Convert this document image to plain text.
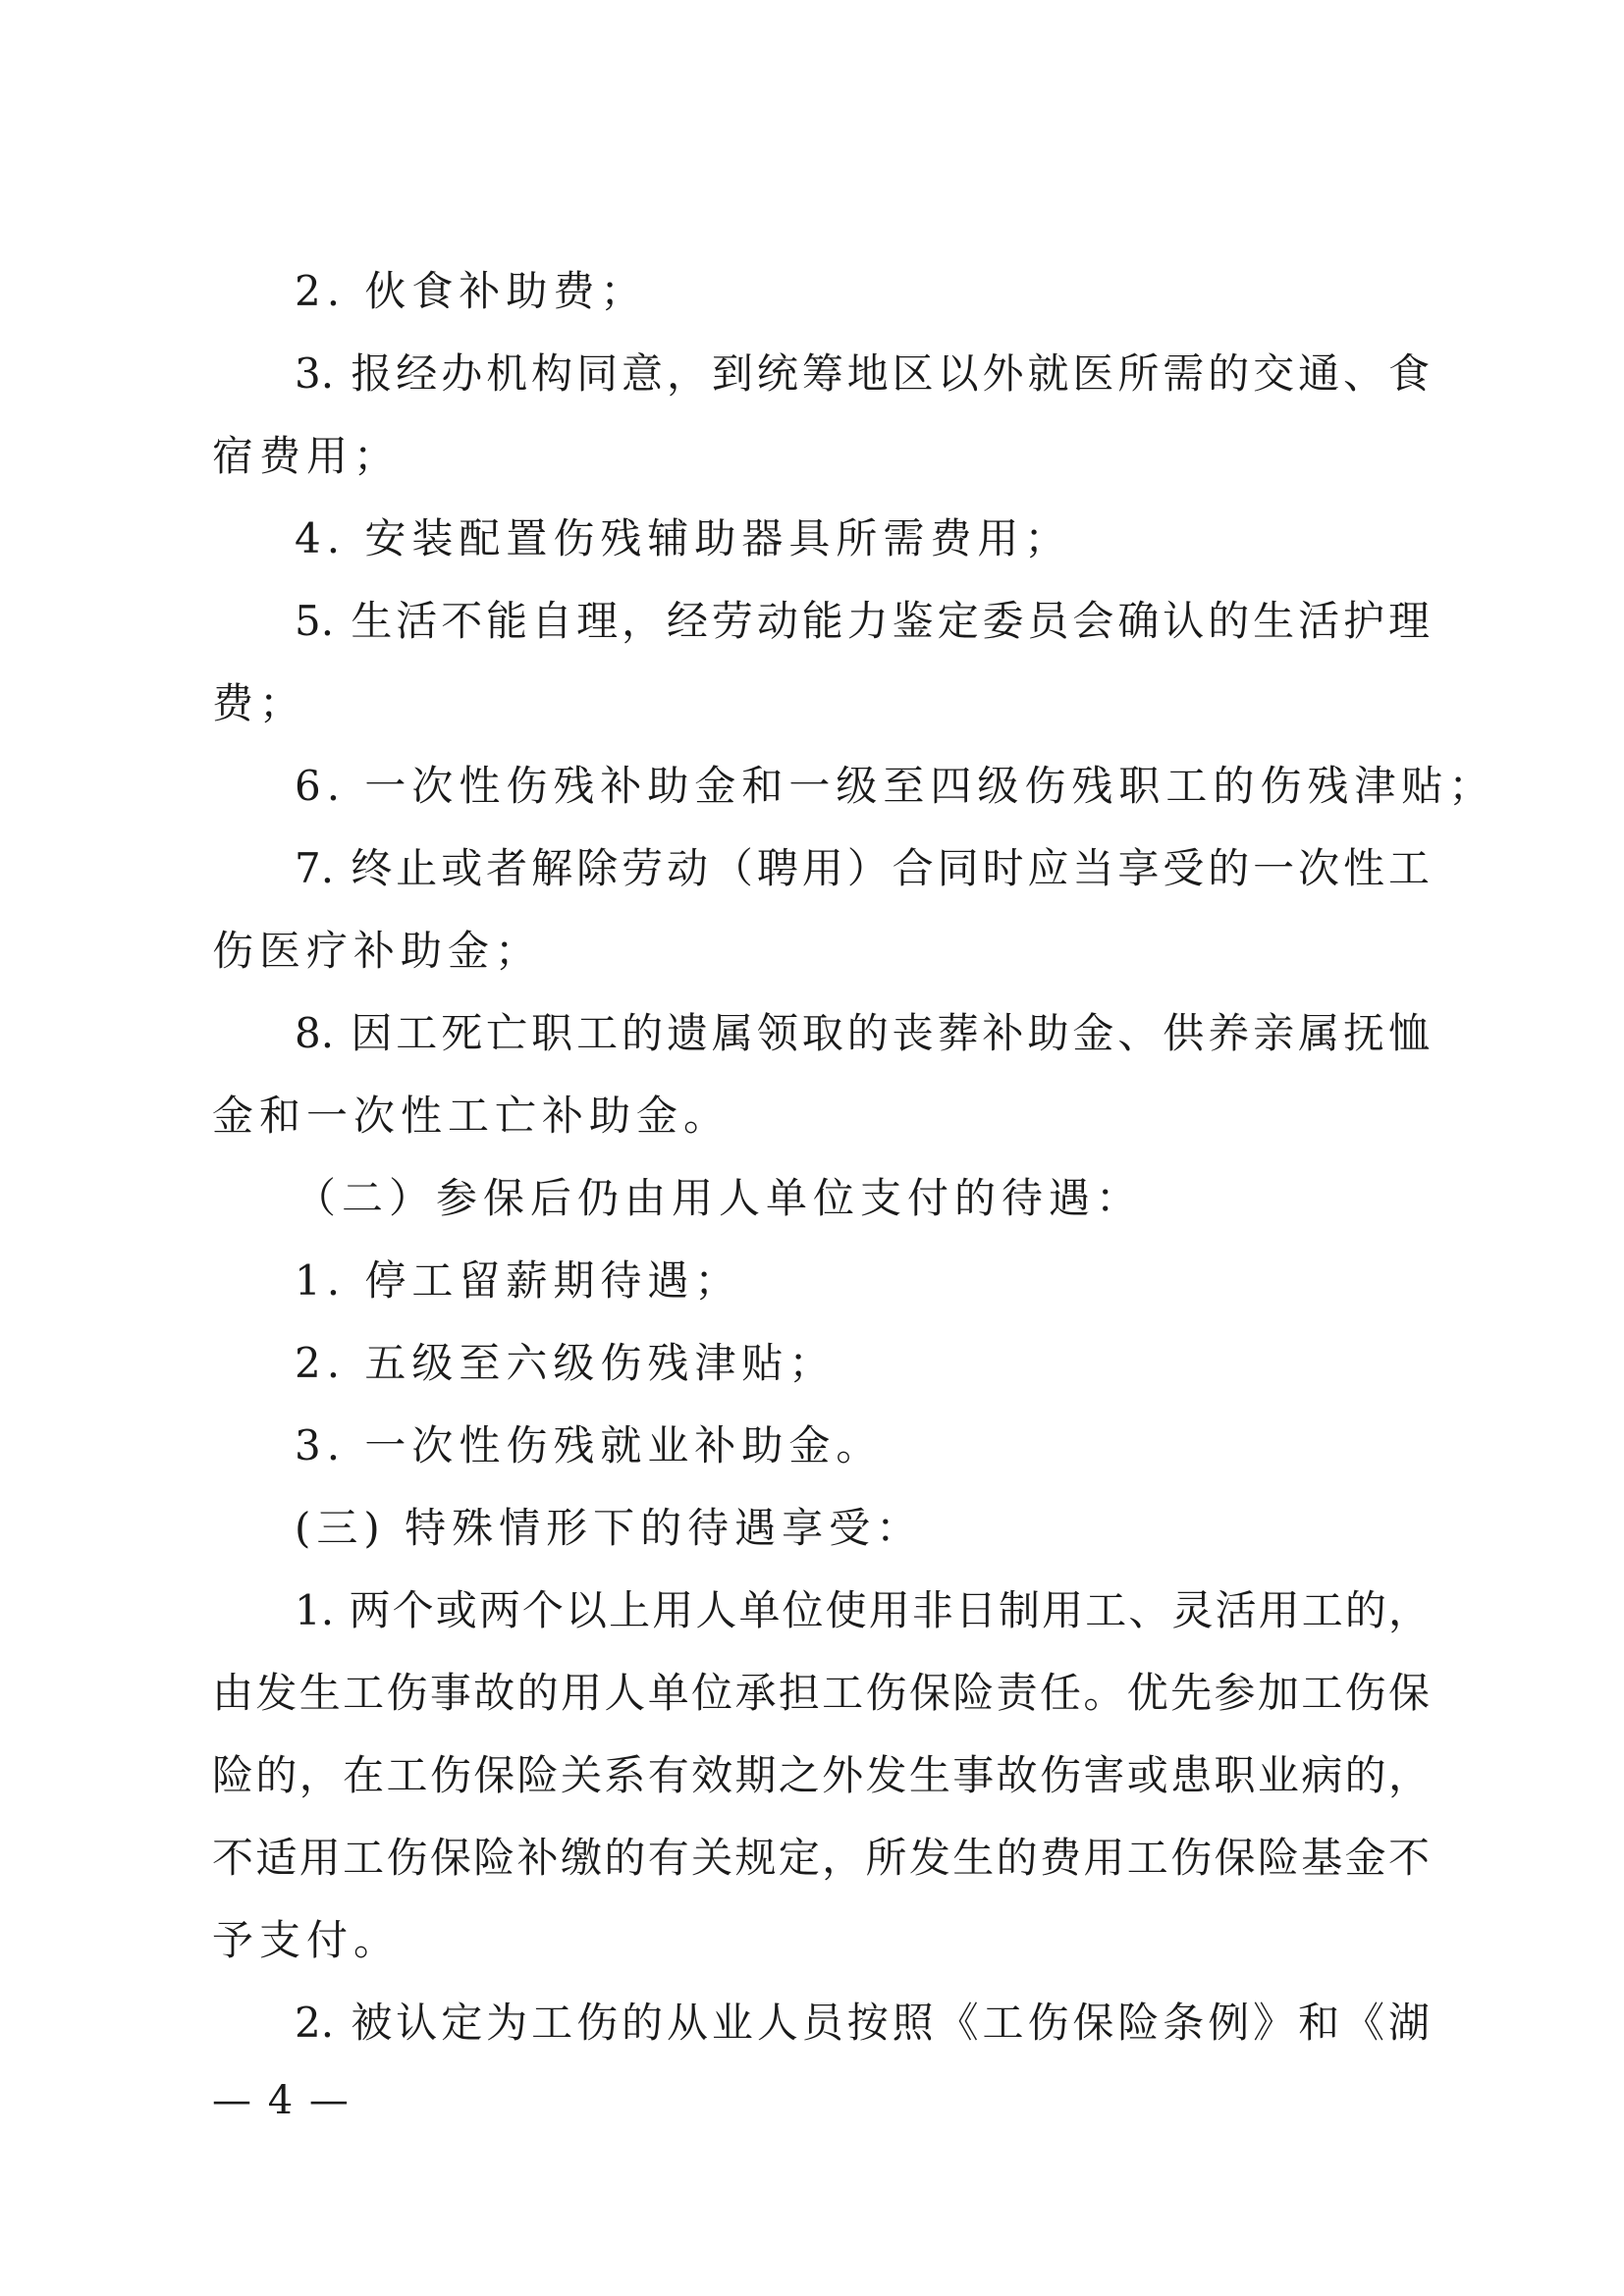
2. 伙食补助费；
3. 报经办机构同意，到统筹地区以外就医所需的交通、食
宿费用；
4. 安装配置伤残辅助器具所需费用；
5. 生活不能自理，经劳动能力鉴定委员会确认的生活护理
费；
6. 一次性伤残补助金和一级至四级伤残职工的伤残津贴；
7. 终止或者解除劳动（聘用）合同时应当享受的一次性工
伤医疗补助金；
8. 因工死亡职工的遗属领取的丧葬补助金、供养亲属抚恤
金和一次性工亡补助金。
（二）参保后仍由用人单位支付的待遇：
1. 停工留薪期待遇；
2. 五级至六级伤残津贴；
3. 一次性伤残就业补助金。
(三) 特殊情形下的待遇享受：
1. 两个或两个以上用人单位使用非日制用工、灵活用工的，
由发生工伤事故的用人单位承担工伤保险责任。优先参加工伤保
险的，在工伤保险关系有效期之外发生事故伤害或患职业病的，
不适用工伤保险补缴的有关规定，所发生的费用工伤保险基金不
予支付。
2. 被认定为工伤的从业人员按照《工伤保险条例》和《湖
— 4 —
